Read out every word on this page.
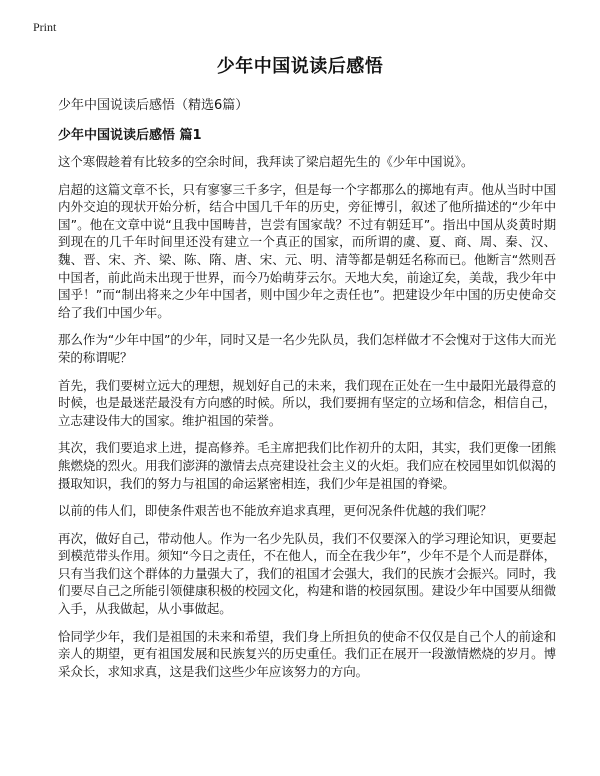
Print
少年中国说读后感悟

少年中国说读后感悟（精选6篇）

少年中国说读后感悟 篇1

这个寒假趁着有比较多的空余时间，我拜读了梁启超先生的《少年中国说》。

启超的这篇文章不长，只有寥寥三千多字，但是每一个字都那么的掷地有声。他从当时中国内外交迫的现状开始分析，结合中国几千年的历史，旁征博引，叙述了他所描述的“少年中国”。他在文章中说“且我中国畴昔，岂尝有国家哉？不过有朝廷耳”。指出中国从炎黄时期到现在的几千年时间里还没有建立一个真正的国家，而所谓的虞、夏、商、周、秦、汉、魏、晋、宋、齐、梁、陈、隋、唐、宋、元、明、清等都是朝廷名称而已。他断言“然则吾中国者，前此尚未出现于世界，而今乃始萌芽云尔。天地大矣，前途辽矣，美哉，我少年中国乎！”而“制出将来之少年中国者，则中国少年之责任也”。把建设少年中国的历史使命交给了我们中国少年。

那么作为“少年中国”的少年，同时又是一名少先队员，我们怎样做才不会愧对于这伟大而光荣的称谓呢？

首先，我们要树立远大的理想，规划好自己的未来，我们现在正处在一生中最阳光最得意的时候，也是最迷茫最没有方向感的时候。所以，我们要拥有坚定的立场和信念，相信自己，立志建设伟大的国家。维护祖国的荣誉。

其次，我们要追求上进，提高修养。毛主席把我们比作初升的太阳，其实，我们更像一团熊熊燃烧的烈火。用我们澎湃的激情去点亮建设社会主义的火炬。我们应在校园里如饥似渴的摄取知识，我们的努力与祖国的命运紧密相连，我们少年是祖国的脊梁。

以前的伟人们，即使条件艰苦也不能放弃追求真理，更何况条件优越的我们呢？

再次，做好自己，带动他人。作为一名少先队员，我们不仅要深入的学习理论知识，更要起到模范带头作用。须知“今日之责任，不在他人，而全在我少年”，少年不是个人而是群体，只有当我们这个群体的力量强大了，我们的祖国才会强大，我们的民族才会振兴。同时，我们要尽自己之所能引领健康积极的校园文化，构建和谐的校园氛围。建设少年中国要从细微入手，从我做起，从小事做起。

恰同学少年，我们是祖国的未来和希望，我们身上所担负的使命不仅仅是自己个人的前途和亲人的期望，更有祖国发展和民族复兴的历史重任。我们正在展开一段激情燃烧的岁月。博采众长，求知求真，这是我们这些少年应该努力的方向。
